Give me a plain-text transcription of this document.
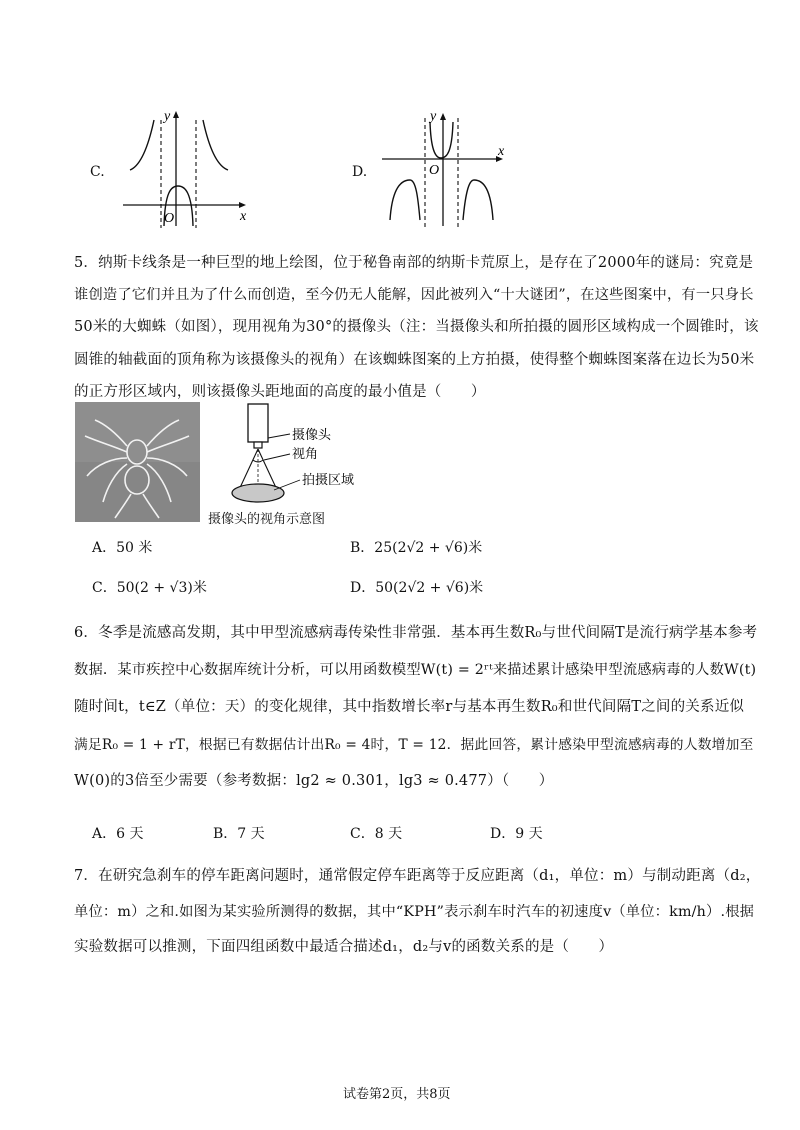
C.
y
x
O
D.
y
x
O
5．纳斯卡线条是一种巨型的地上绘图，位于秘鲁南部的纳斯卡荒原上，是存在了2000年的谜局：究竟是
谁创造了它们并且为了什么而创造，至今仍无人能解，因此被列入“十大谜团”，在这些图案中，有一只身长
50米的大蜘蛛（如图），现用视角为30°的摄像头（注：当摄像头和所拍摄的圆形区域构成一个圆锥时，该
圆锥的轴截面的顶角称为该摄像头的视角）在该蜘蛛图案的上方拍摄，使得整个蜘蛛图案落在边长为50米
的正方形区域内，则该摄像头距地面的高度的最小值是（　　）
摄像头
视角
拍摄区域
摄像头的视角示意图
A．50 米	B．25(2√2 + √6)米
C．50(2 + √3)米	D．50(2√2 + √6)米
6．冬季是流感高发期，其中甲型流感病毒传染性非常强．基本再生数R₀与世代间隔T是流行病学基本参考
数据．某市疾控中心数据库统计分析，可以用函数模型W(t) = 2ʳᵗ来描述累计感染甲型流感病毒的人数W(t)
随时间t，t∈Z（单位：天）的变化规律，其中指数增长率r与基本再生数R₀和世代间隔T之间的关系近似
满足R₀ = 1 + rT，根据已有数据估计出R₀ = 4时，T = 12．据此回答，累计感染甲型流感病毒的人数增加至
W(0)的3倍至少需要（参考数据：lg2 ≈ 0.301，lg3 ≈ 0.477）（　　）
A．6 天	B．7 天	C．8 天	D．9 天
7．在研究急刹车的停车距离问题时，通常假定停车距离等于反应距离（d₁，单位：m）与制动距离（d₂，
单位：m）之和.如图为某实验所测得的数据，其中“KPH”表示刹车时汽车的初速度v（单位：km/h）.根据
实验数据可以推测，下面四组函数中最适合描述d₁，d₂与v的函数关系的是（　　）
试卷第2页，共8页
